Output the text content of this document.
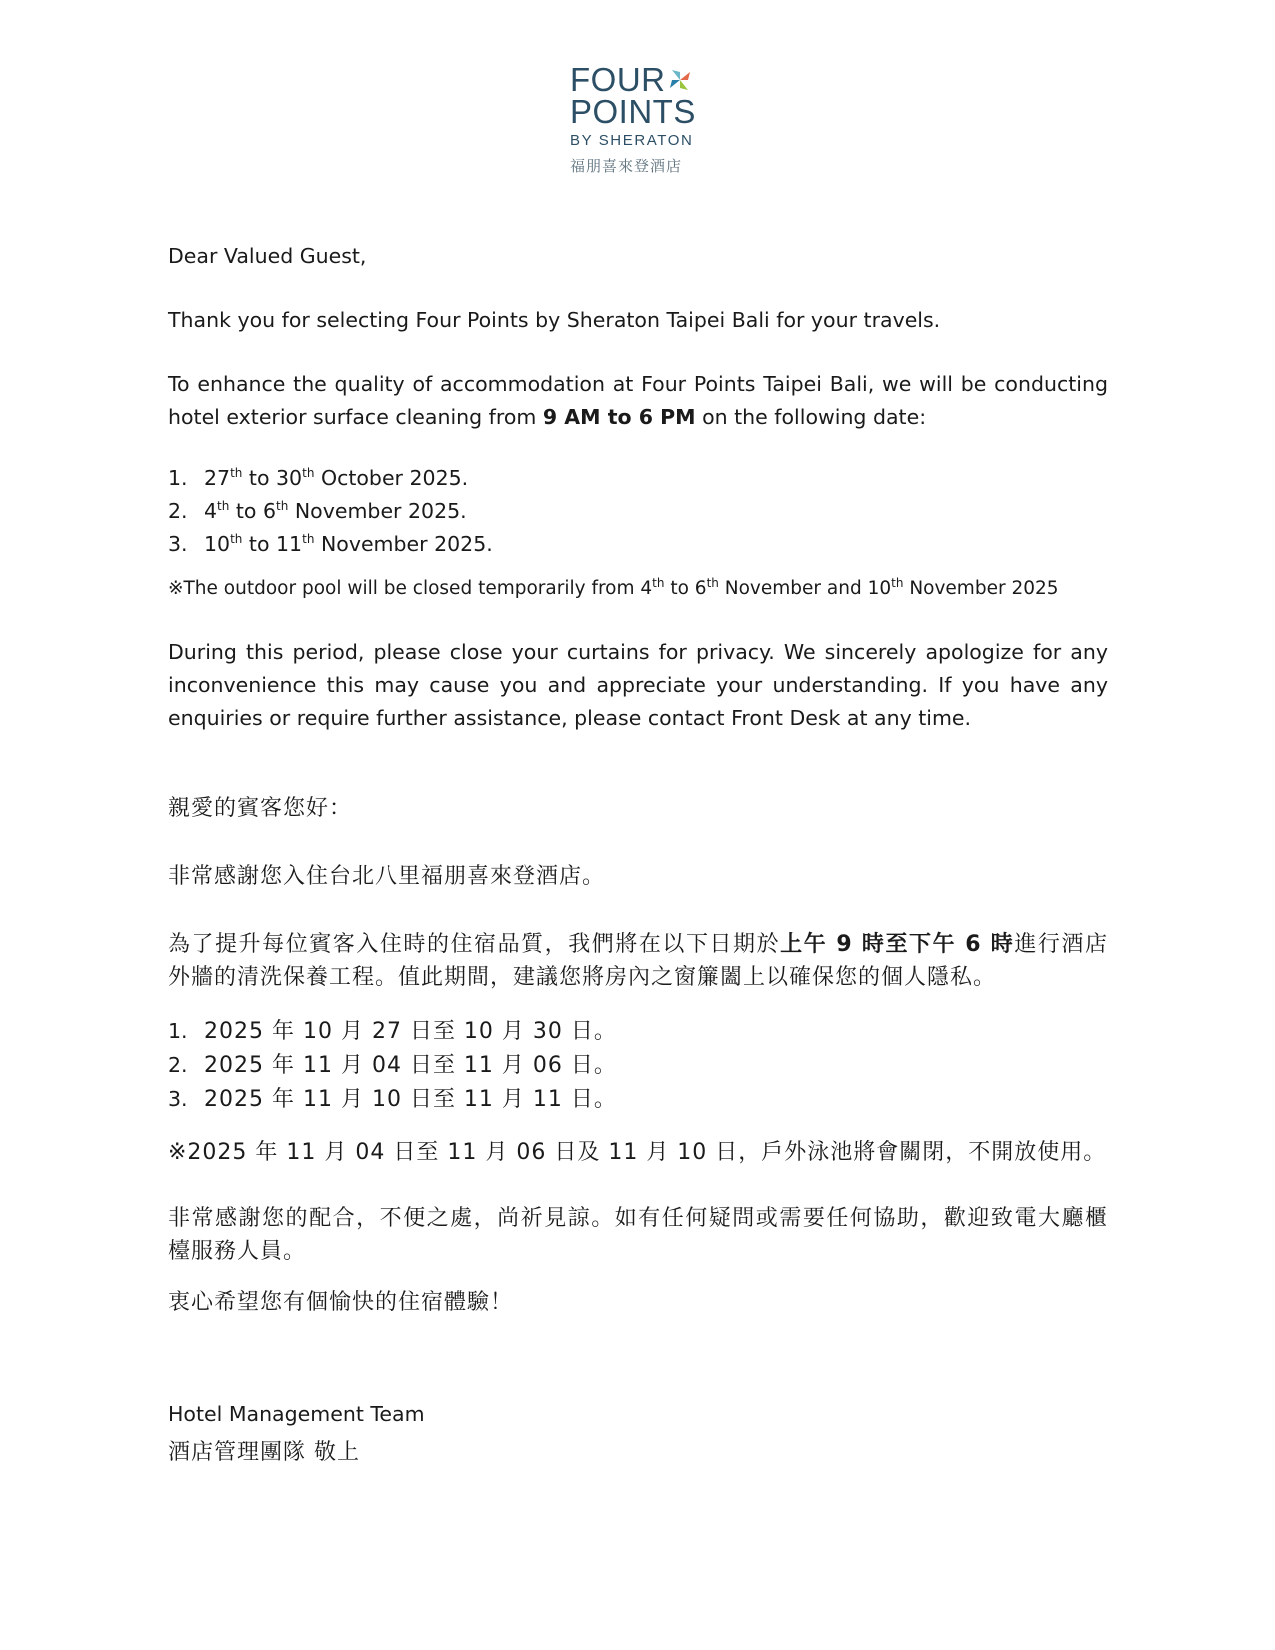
FOUR
POINTS
BY SHERATON
福朋喜來登酒店

Dear Valued Guest,

Thank you for selecting Four Points by Sheraton Taipei Bali for your travels.

To enhance the quality of accommodation at Four Points Taipei Bali, we will be conducting hotel exterior surface cleaning from 9 AM to 6 PM on the following date:

1. 27th to 30th October 2025.
2. 4th to 6th November 2025.
3. 10th to 11th November 2025.

※The outdoor pool will be closed temporarily from 4th to 6th November and 10th November 2025

During this period, please close your curtains for privacy. We sincerely apologize for any inconvenience this may cause you and appreciate your understanding. If you have any enquiries or require further assistance, please contact Front Desk at any time.

親愛的賓客您好：

非常感謝您入住台北八里福朋喜來登酒店。

為了提升每位賓客入住時的住宿品質，我們將在以下日期於上午 9 時至下午 6 時進行酒店外牆的清洗保養工程。值此期間，建議您將房內之窗簾闔上以確保您的個人隱私。

1. 2025 年 10 月 27 日至 10 月 30 日。
2. 2025 年 11 月 04 日至 11 月 06 日。
3. 2025 年 11 月 10 日至 11 月 11 日。

※2025 年 11 月 04 日至 11 月 06 日及 11 月 10 日，戶外泳池將會關閉，不開放使用。

非常感謝您的配合，不便之處，尚祈見諒。如有任何疑問或需要任何協助，歡迎致電大廳櫃檯服務人員。

衷心希望您有個愉快的住宿體驗！

Hotel Management Team

酒店管理團隊 敬上
